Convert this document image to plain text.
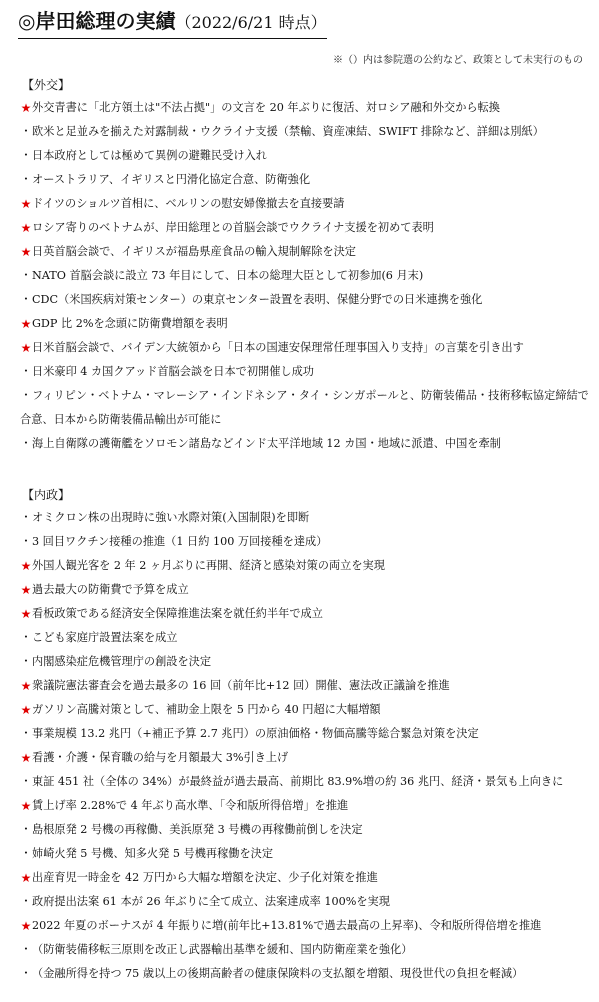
◎岸田総理の実績（2022/6/21 時点）
※（）内は参院選の公約など、政策として未実行のもの
【外交】
★ 外交青書に「北方領土は"不法占拠"」の文言を 20 年ぶりに復活、対ロシア融和外交から転換
・ 欧米と足並みを揃えた対露制裁・ウクライナ支援（禁輸、資産凍結、SWIFT 排除など、詳細は別紙）
・ 日本政府としては極めて異例の避難民受け入れ
・ オーストラリア、イギリスと円滑化協定合意、防衛強化
★ ドイツのショルツ首相に、ベルリンの慰安婦像撤去を直接要請
★ ロシア寄りのベトナムが、岸田総理との首脳会談でウクライナ支援を初めて表明
★ 日英首脳会談で、イギリスが福島県産食品の輸入規制解除を決定
・ NATO 首脳会談に設立 73 年目にして、日本の総理大臣として初参加(6 月末)
・ CDC（米国疾病対策センター）の東京センター設置を表明、保健分野での日米連携を強化
★ GDP 比 2%を念頭に防衛費増額を表明
★ 日米首脳会談で、バイデン大統領から「日本の国連安保理常任理事国入り支持」の言葉を引き出す
・ 日米豪印 4 カ国クアッド首脳会談を日本で初開催し成功
・フィリピン・ベトナム・マレーシア・インドネシア・タイ・シンガポールと、防衛装備品・技術移転協定締結で合意、日本から防衛装備品輸出が可能に
・ 海上自衛隊の護衛艦をソロモン諸島などインド太平洋地域 12 カ国・地域に派遣、中国を牽制
【内政】
・ オミクロン株の出現時に強い水際対策(入国制限)を即断
・ 3 回目ワクチン接種の推進（1 日約 100 万回接種を達成）
★ 外国人観光客を 2 年 2 ヶ月ぶりに再開、経済と感染対策の両立を実現
★ 過去最大の防衛費で予算を成立
★ 看板政策である経済安全保障推進法案を就任約半年で成立
・ こども家庭庁設置法案を成立
・ 内閣感染症危機管理庁の創設を決定
★ 衆議院憲法審査会を過去最多の 16 回（前年比+12 回）開催、憲法改正議論を推進
★ ガソリン高騰対策として、補助金上限を 5 円から 40 円超に大幅増額
・ 事業規模 13.2 兆円（+補正予算 2.7 兆円）の原油価格・物価高騰等総合緊急対策を決定
★ 看護・介護・保育職の給与を月額最大 3%引き上げ
・ 東証 451 社（全体の 34%）が最終益が過去最高、前期比 83.9%増の約 36 兆円、経済・景気も上向きに
★ 賃上げ率 2.28%で 4 年ぶり高水準、「令和版所得倍増」を推進
・ 島根原発 2 号機の再稼働、美浜原発 3 号機の再稼働前倒しを決定
・ 姉崎火発 5 号機、知多火発 5 号機再稼働を決定
★ 出産育児一時金を 42 万円から大幅な増額を決定、少子化対策を推進
・ 政府提出法案 61 本が 26 年ぶりに全て成立、法案達成率 100%を実現
★ 2022 年夏のボーナスが 4 年振りに増(前年比+13.81%で過去最高の上昇率)、令和版所得倍増を推進
・ （防衛装備移転三原則を改正し武器輸出基準を緩和、国内防衛産業を強化）
・ （金融所得を持つ 75 歳以上の後期高齢者の健康保険料の支払額を増額、現役世代の負担を軽減）
